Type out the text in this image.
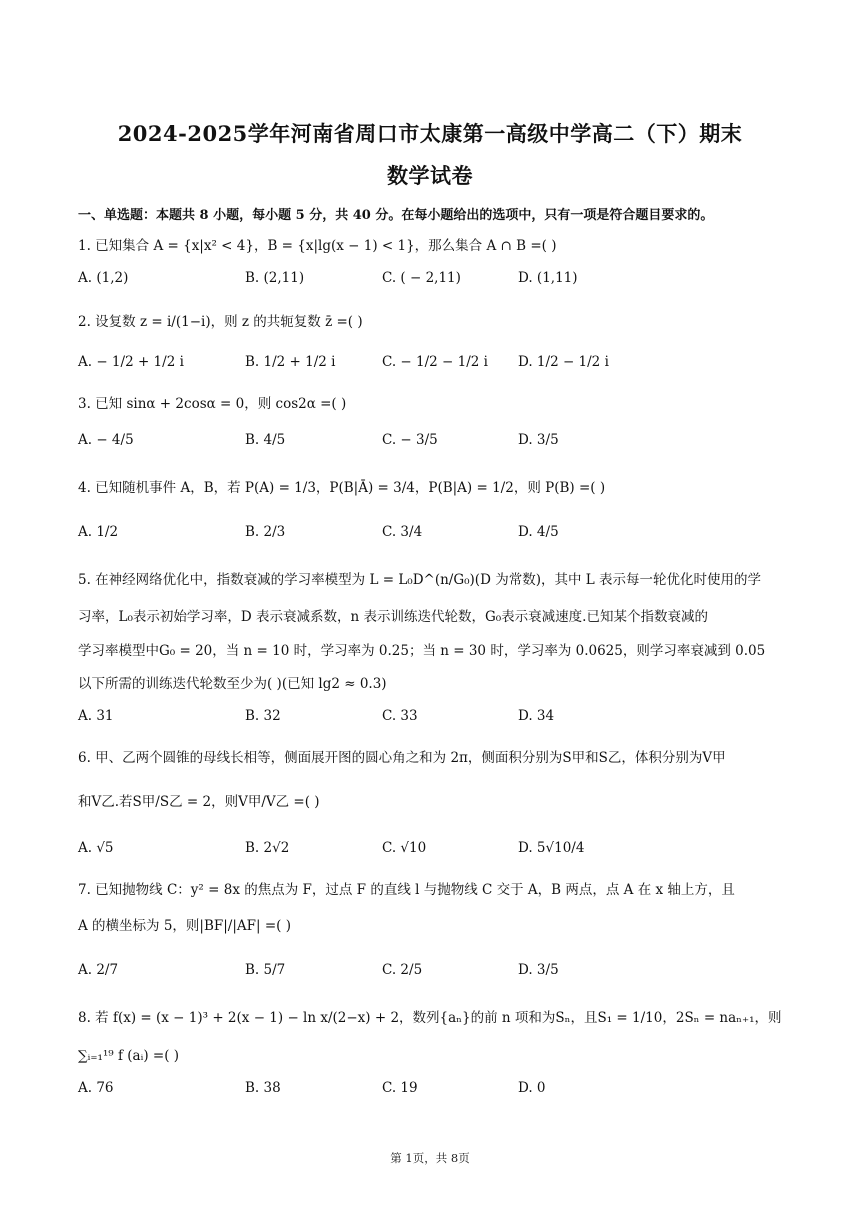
2024-2025学年河南省周口市太康第一高级中学高二（下）期末
数学试卷
一、单选题：本题共 8 小题，每小题 5 分，共 40 分。在每小题给出的选项中，只有一项是符合题目要求的。
1. 已知集合 A = {x|x² < 4}，B = {x|lg(x − 1) < 1}，那么集合 A ∩ B =( )
A. (1,2)	B. (2,11)	C. ( − 2,11)	D. (1,11)
2. 设复数 z = i/(1−i)，则 z 的共轭复数 z̄ =( )
A. − 1/2 + 1/2 i	B. 1/2 + 1/2 i	C. − 1/2 − 1/2 i D. 1/2 − 1/2 i
3. 已知 sinα + 2cosα = 0，则 cos2α =( )
A. − 4/5	B. 4/5	C. − 3/5	D. 3/5
4. 已知随机事件 A，B，若 P(A) = 1/3，P(B|Ā) = 3/4，P(B|A) = 1/2，则 P(B) =( )
A. 1/2	B. 2/3	C. 3/4	D. 4/5
5. 在神经网络优化中，指数衰减的学习率模型为 L = L₀D^(n/G₀)(D 为常数)，其中 L 表示每一轮优化时使用的学
习率，L₀表示初始学习率，D 表示衰减系数，n 表示训练迭代轮数，G₀表示衰减速度.已知某个指数衰减的
学习率模型中G₀ = 20，当 n = 10 时，学习率为 0.25；当 n = 30 时，学习率为 0.0625，则学习率衰减到 0.05
以下所需的训练迭代轮数至少为( )(已知 lg2 ≈ 0.3)
A. 31	B. 32	C. 33	D. 34
6. 甲、乙两个圆锥的母线长相等，侧面展开图的圆心角之和为 2π，侧面积分别为S甲和S乙，体积分别为V甲
和V乙.若S甲/S乙 = 2，则V甲/V乙 =( )
A. √5	B. 2√2	C. √10	D. 5√10/4
7. 已知抛物线 C：y² = 8x 的焦点为 F，过点 F 的直线 l 与抛物线 C 交于 A，B 两点，点 A 在 x 轴上方，且
A 的横坐标为 5，则|BF|/|AF| =( )
A. 2/7	B. 5/7	C. 2/5	D. 3/5
8. 若 f(x) = (x − 1)³ + 2(x − 1) − ln x/(2−x) + 2，数列{aₙ}的前 n 项和为Sₙ，且S₁ = 1/10，2Sₙ = naₙ₊₁，则
∑ᵢ₌₁¹⁹ f (aᵢ) =( )
A. 76	B. 38	C. 19	D. 0
第 1页，共 8页
